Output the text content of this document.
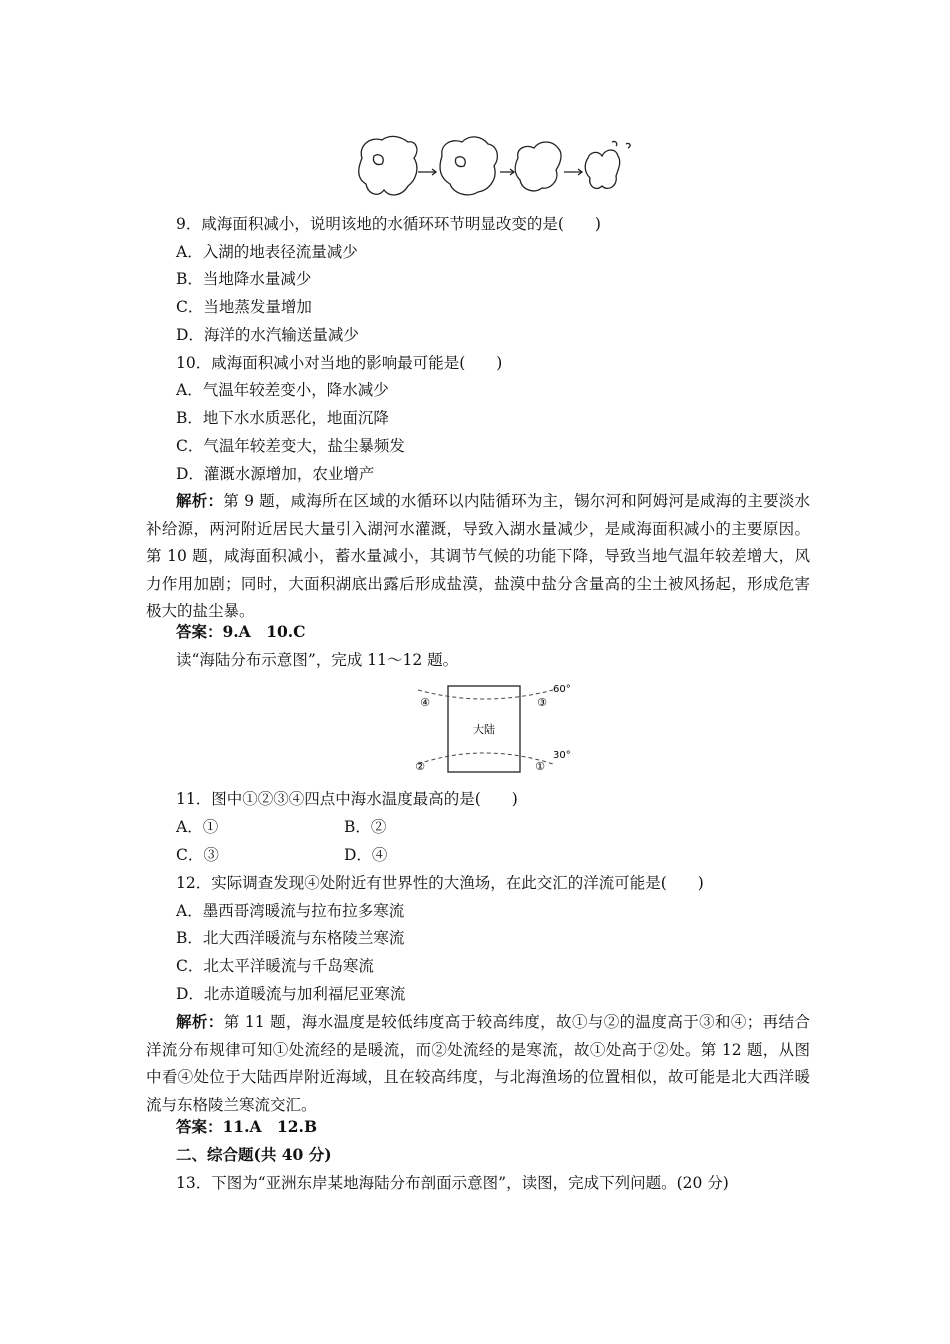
9．咸海面积减小，说明该地的水循环环节明显改变的是(　　)
A．入湖的地表径流量减少
B．当地降水量减少
C．当地蒸发量增加
D．海洋的水汽输送量减少
10．咸海面积减小对当地的影响最可能是(　　)
A．气温年较差变小，降水减少
B．地下水水质恶化，地面沉降
C．气温年较差变大，盐尘暴频发
D．灌溉水源增加，农业增产
解析：第 9 题，咸海所在区域的水循环以内陆循环为主，锡尔河和阿姆河是咸海的主要淡水补给源，两河附近居民大量引入湖河水灌溉，导致入湖水量减少，是咸海面积减小的主要原因。第 10 题，咸海面积减小，蓄水量减小，其调节气候的功能下降，导致当地气温年较差增大，风力作用加剧；同时，大面积湖底出露后形成盐漠，盐漠中盐分含量高的尘土被风扬起，形成危害极大的盐尘暴。
答案：9.A　10.C
读“海陆分布示意图”，完成 11～12 题。
大陆
60°
30°
④	③
②	①
11．图中①②③④四点中海水温度最高的是(　　)
A．①	B．②
C．③	D．④
12．实际调查发现④处附近有世界性的大渔场，在此交汇的洋流可能是(　　)
A．墨西哥湾暖流与拉布拉多寒流
B．北大西洋暖流与东格陵兰寒流
C．北太平洋暖流与千岛寒流
D．北赤道暖流与加利福尼亚寒流
解析：第 11 题，海水温度是较低纬度高于较高纬度，故①与②的温度高于③和④；再结合洋流分布规律可知①处流经的是暖流，而②处流经的是寒流，故①处高于②处。第 12 题，从图中看④处位于大陆西岸附近海域，且在较高纬度，与北海渔场的位置相似，故可能是北大西洋暖流与东格陵兰寒流交汇。
答案：11.A　12.B
二、综合题(共 40 分)
13．下图为“亚洲东岸某地海陆分布剖面示意图”，读图，完成下列问题。(20 分)
